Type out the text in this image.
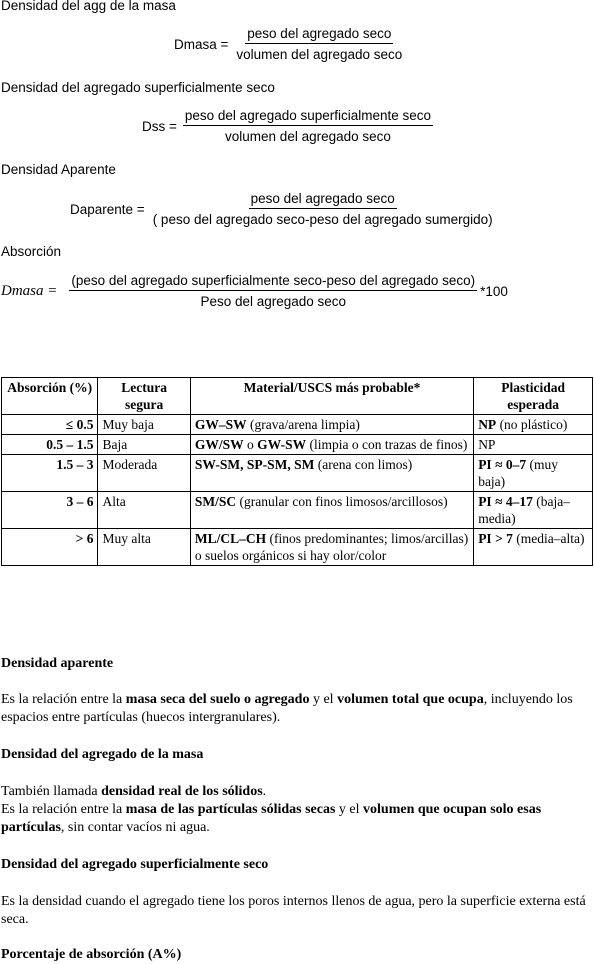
Densidad del agg de la masa
Dmasa = $\frac{\text{peso del agregado seco}}{\text{volumen del agregado seco}}$
Densidad del agregado superficialmente seco
Dss = $\frac{\text{peso del agregado superficialmente seco}}{\text{volumen del agregado seco}}$
Densidad Aparente
Daparente = $\frac{\text{peso del agregado seco}}{\text{( peso del agregado seco-peso del agregado sumergido)}}$
Absorción
Dmasa =
(peso del agregado superficialmente seco-peso del agregado seco)
Peso del agregado seco
*100
Absorción (%)	Lectura segura	Material/USCS más probable*	Plasticidad esperada
≤ 0.5	Muy baja	GW–SW (grava/arena limpia)	NP (no plástico)
0.5 – 1.5	Baja	GW/SW o GW-SW (limpia o con trazas de finos)	NP
1.5 – 3	Moderada	SW-SM, SP-SM, SM (arena con limos)	PI ≈ 0–7 (muy baja)
3 – 6	Alta	SM/SC (granular con finos limosos/arcillosos)	PI ≈ 4–17 (baja–media)
> 6	Muy alta	ML/CL–CH (finos predominantes; limos/arcillas) o suelos orgánicos si hay olor/color	PI > 7 (media–alta)
Densidad aparente
Es la relación entre la masa seca del suelo o agregado y el volumen total que ocupa, incluyendo los espacios entre partículas (huecos intergranulares).
Densidad del agregado de la masa
También llamada densidad real de los sólidos.
Es la relación entre la masa de las partículas sólidas secas y el volumen que ocupan solo esas partículas, sin contar vacíos ni agua.
Densidad del agregado superficialmente seco
Es la densidad cuando el agregado tiene los poros internos llenos de agua, pero la superficie externa está seca.
Porcentaje de absorción (A%)
